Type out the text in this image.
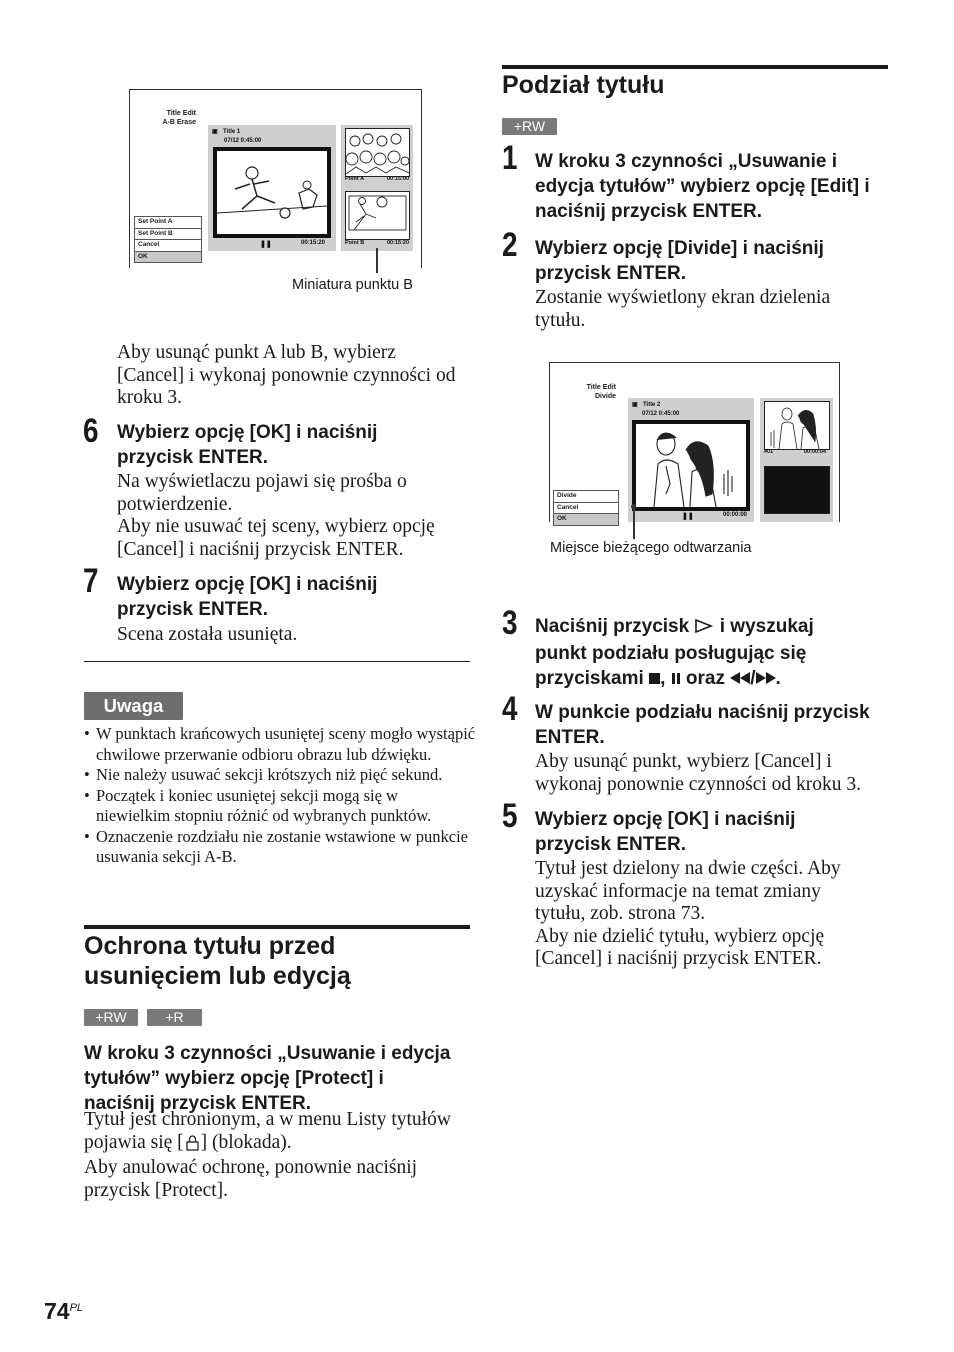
Title Edit
A-B Erase
Set Point A
Set Point B
Cancel
OK
▣ Title 1
07/12 0:45:00
▬	▬
❚❚	00:15:20
Point A	00:15:00
Point B	00:15:20
Miniatura punktu B
Aby usunąć punkt A lub B, wybierz
[Cancel] i wykonaj ponownie czynności od
kroku 3.
6 Wybierz opcję [OK] i naciśnij
przycisk ENTER.
Na wyświetlaczu pojawi się prośba o
potwierdzenie.
Aby nie usuwać tej sceny, wybierz opcję
[Cancel] i naciśnij przycisk ENTER.
7 Wybierz opcję [OK] i naciśnij
przycisk ENTER.
Scena została usunięta.
Uwaga
• W punktach krańcowych usuniętej sceny mogło wystąpić chwilowe przerwanie odbioru obrazu lub dźwięku.
• Nie należy usuwać sekcji krótszych niż pięć sekund.
• Początek i koniec usuniętej sekcji mogą się w niewielkim stopniu różnić od wybranych punktów.
• Oznaczenie rozdziału nie zostanie wstawione w punkcie usuwania sekcji A-B.
Ochrona tytułu przed
usunięciem lub edycją
+RW	+R
W kroku 3 czynności „Usuwanie i edycja
tytułów” wybierz opcję [Protect] i
naciśnij przycisk ENTER.
Tytuł jest chronionym, a w menu Listy tytułów
pojawia się [ ] (blokada).
Aby anulować ochronę, ponownie naciśnij
przycisk [Protect].
$74^{PL}$
Podział tytułu
+RW
1 W kroku 3 czynności „Usuwanie i
edycja tytułów” wybierz opcję [Edit] i
naciśnij przycisk ENTER.
2 Wybierz opcję [Divide] i naciśnij
przycisk ENTER.
Zostanie wyświetlony ekran dzielenia
tytułu.
Title Edit
Divide
Divide
Cancel
OK
▣ Title 2
07/12 0:45:00
❚❚	00:00:00
#01	00:00:04
Miejsce bieżącego odtwarzania
3 Naciśnij przycisk  i wyszukaj
punkt podziału posługując się
przyciskami ,  oraz / .
4 W punkcie podziału naciśnij przycisk
ENTER.
Aby usunąć punkt, wybierz [Cancel] i
wykonaj ponownie czynności od kroku 3.
5 Wybierz opcję [OK] i naciśnij
przycisk ENTER.
Tytuł jest dzielony na dwie części. Aby
uzyskać informacje na temat zmiany
tytułu, zob. strona 73.
Aby nie dzielić tytułu, wybierz opcję
[Cancel] i naciśnij przycisk ENTER.
